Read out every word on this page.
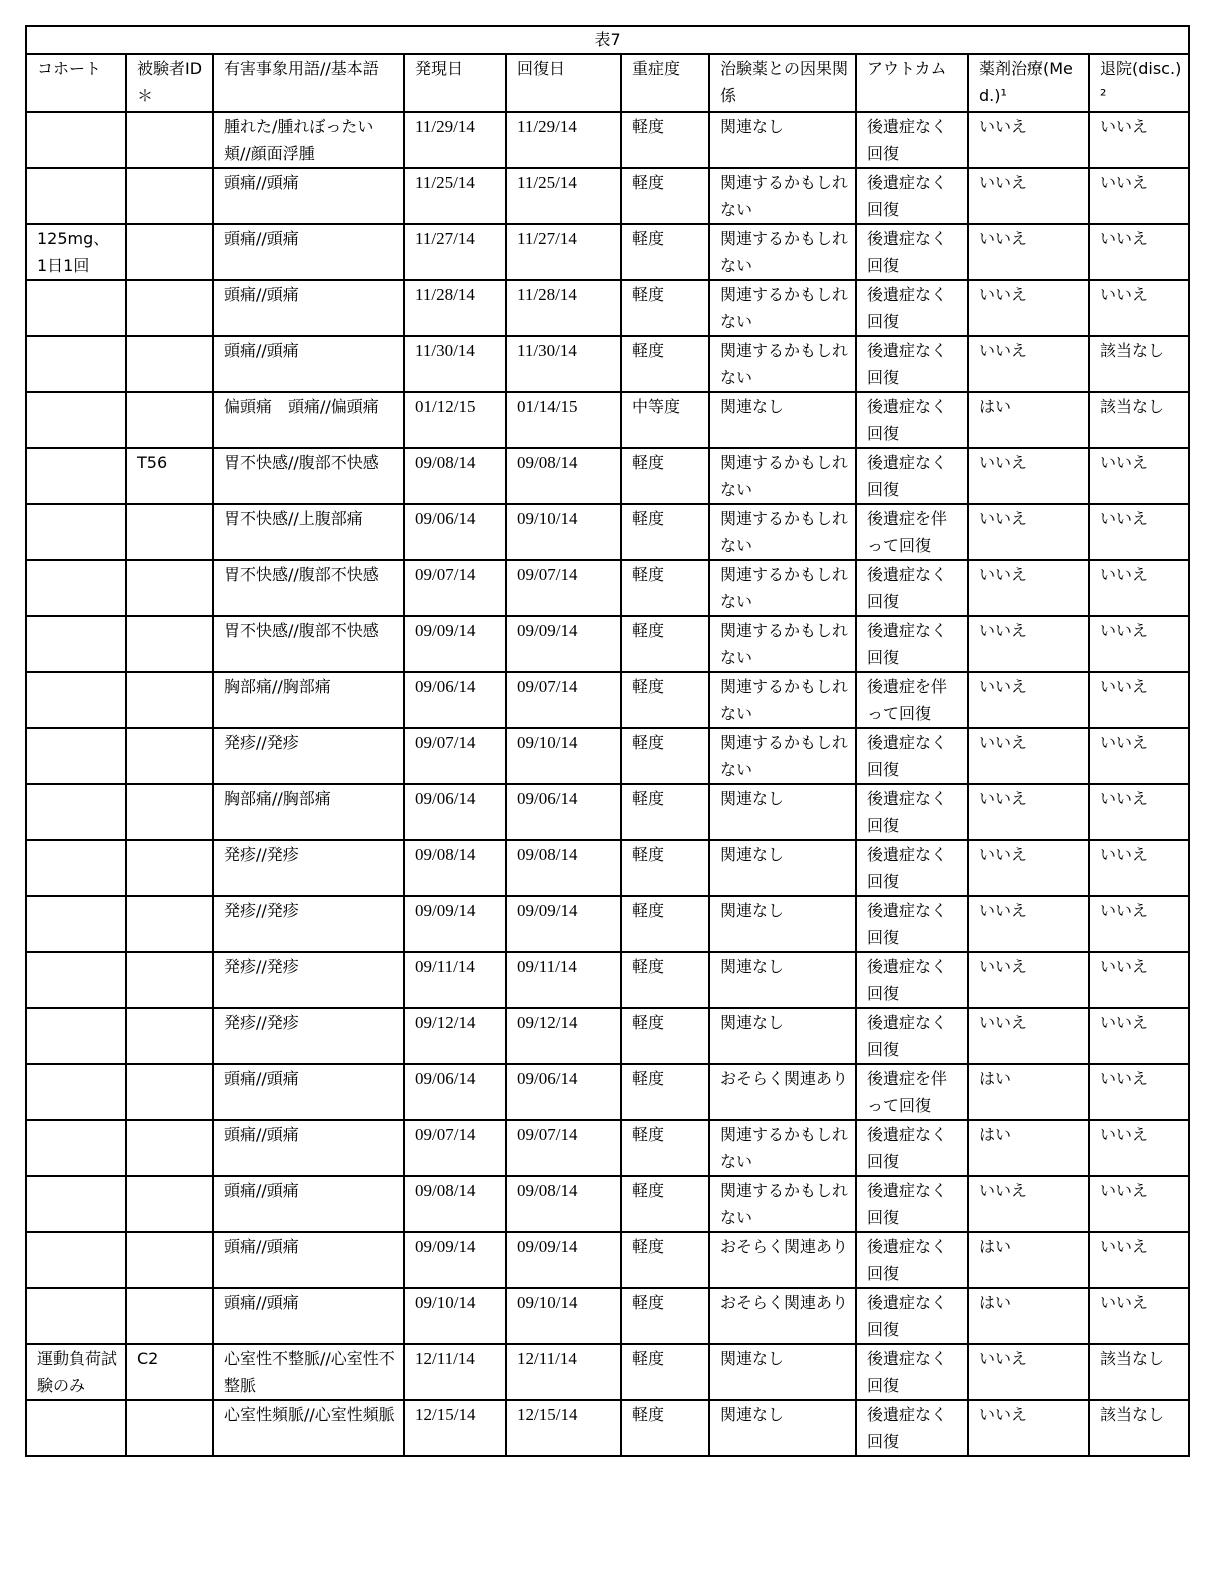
表7
コホート	被験者ID＊	有害事象用語//基本語	発現日	回復日	重症度	治験薬との因果関係	アウトカム	薬剤治療(Med.)¹	退院(disc.)²
		腫れた/腫れぼったい頬//顔面浮腫	11/29/14	11/29/14	軽度	関連なし	後遺症なく回復	いいえ	いいえ
		頭痛//頭痛	11/25/14	11/25/14	軽度	関連するかもしれない	後遺症なく回復	いいえ	いいえ
125mg、1日1回		頭痛//頭痛	11/27/14	11/27/14	軽度	関連するかもしれない	後遺症なく回復	いいえ	いいえ
		頭痛//頭痛	11/28/14	11/28/14	軽度	関連するかもしれない	後遺症なく回復	いいえ	いいえ
		頭痛//頭痛	11/30/14	11/30/14	軽度	関連するかもしれない	後遺症なく回復	いいえ	該当なし
		偏頭痛　頭痛//偏頭痛	01/12/15	01/14/15	中等度	関連なし	後遺症なく回復	はい	該当なし
	T56	胃不快感//腹部不快感	09/08/14	09/08/14	軽度	関連するかもしれない	後遺症なく回復	いいえ	いいえ
		胃不快感//上腹部痛	09/06/14	09/10/14	軽度	関連するかもしれない	後遺症を伴って回復	いいえ	いいえ
		胃不快感//腹部不快感	09/07/14	09/07/14	軽度	関連するかもしれない	後遺症なく回復	いいえ	いいえ
		胃不快感//腹部不快感	09/09/14	09/09/14	軽度	関連するかもしれない	後遺症なく回復	いいえ	いいえ
		胸部痛//胸部痛	09/06/14	09/07/14	軽度	関連するかもしれない	後遺症を伴って回復	いいえ	いいえ
		発疹//発疹	09/07/14	09/10/14	軽度	関連するかもしれない	後遺症なく回復	いいえ	いいえ
		胸部痛//胸部痛	09/06/14	09/06/14	軽度	関連なし	後遺症なく回復	いいえ	いいえ
		発疹//発疹	09/08/14	09/08/14	軽度	関連なし	後遺症なく回復	いいえ	いいえ
		発疹//発疹	09/09/14	09/09/14	軽度	関連なし	後遺症なく回復	いいえ	いいえ
		発疹//発疹	09/11/14	09/11/14	軽度	関連なし	後遺症なく回復	いいえ	いいえ
		発疹//発疹	09/12/14	09/12/14	軽度	関連なし	後遺症なく回復	いいえ	いいえ
		頭痛//頭痛	09/06/14	09/06/14	軽度	おそらく関連あり	後遺症を伴って回復	はい	いいえ
		頭痛//頭痛	09/07/14	09/07/14	軽度	関連するかもしれない	後遺症なく回復	はい	いいえ
		頭痛//頭痛	09/08/14	09/08/14	軽度	関連するかもしれない	後遺症なく回復	いいえ	いいえ
		頭痛//頭痛	09/09/14	09/09/14	軽度	おそらく関連あり	後遺症なく回復	はい	いいえ
		頭痛//頭痛	09/10/14	09/10/14	軽度	おそらく関連あり	後遺症なく回復	はい	いいえ
運動負荷試験のみ	C2	心室性不整脈//心室性不整脈	12/11/14	12/11/14	軽度	関連なし	後遺症なく回復	いいえ	該当なし
		心室性頻脈//心室性頻脈	12/15/14	12/15/14	軽度	関連なし	後遺症なく回復	いいえ	該当なし
